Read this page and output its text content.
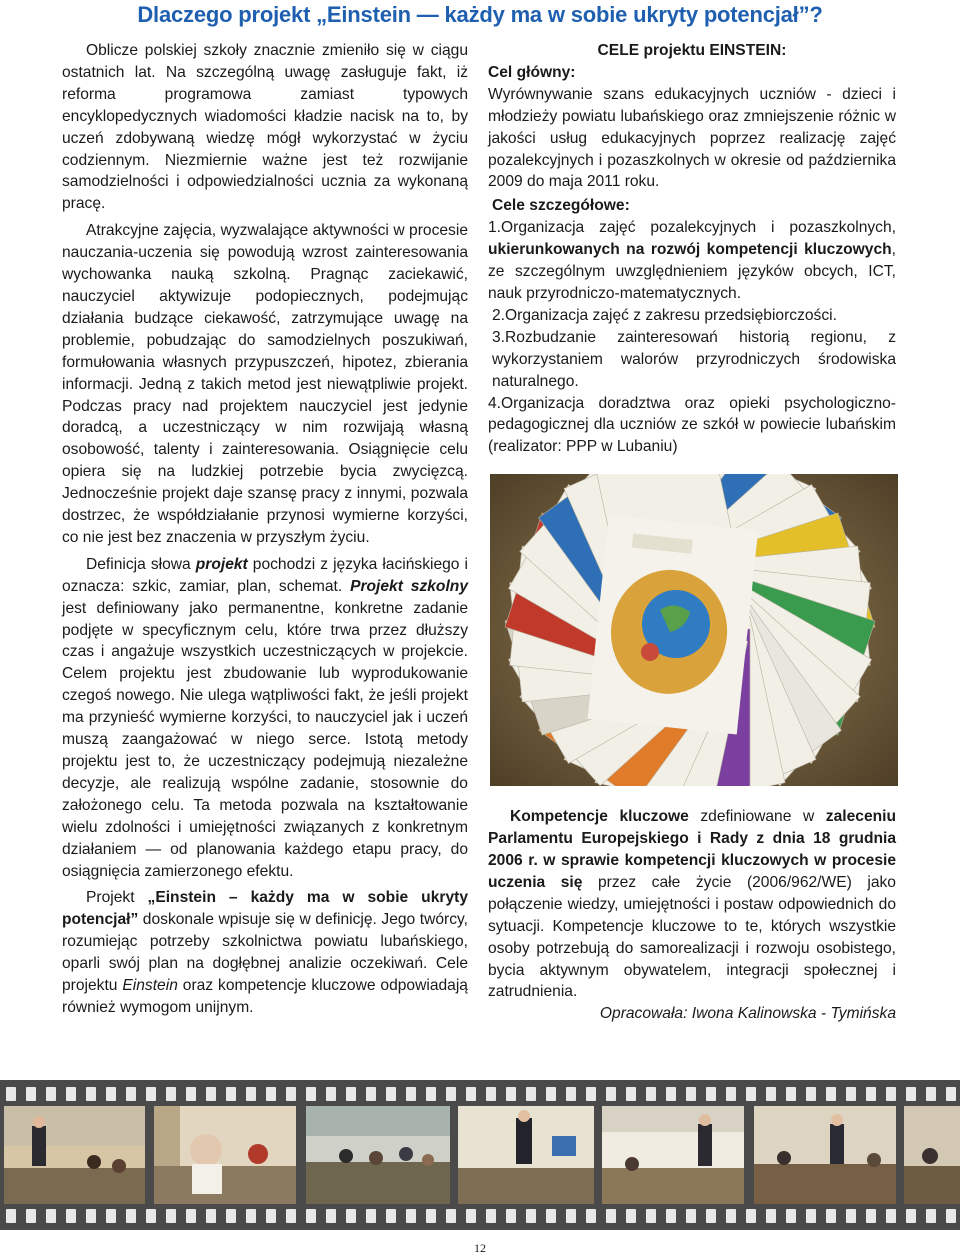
Dlaczego projekt „Einstein — każdy ma w sobie ukryty potencjał”?

Oblicze polskiej szkoły znacznie zmieniło się w ciągu ostatnich lat. Na szczególną uwagę zasługuje fakt, iż reforma programowa zamiast typowych encyklopedycznych wiadomości kładzie nacisk na to, by uczeń zdobywaną wiedzę mógł wykorzystać w życiu codziennym. Niezmiernie ważne jest też rozwijanie samodzielności i odpowiedzialności ucznia za wykonaną pracę.

Atrakcyjne zajęcia, wyzwalające aktywności w procesie nauczania-uczenia się powodują wzrost zainteresowania wychowanka nauką szkolną. Pragnąc zaciekawić, nauczyciel aktywizuje podopiecznych, podejmując działania budzące ciekawość, zatrzymujące uwagę na problemie, pobudzając do samodzielnych poszukiwań, formułowania własnych przypuszczeń, hipotez, zbierania informacji. Jedną z takich metod jest niewątpliwie projekt. Podczas pracy nad projektem nauczyciel jest jedynie doradcą, a uczestniczący w nim rozwijają własną osobowość, talenty i zainteresowania. Osiągnięcie celu opiera się na ludzkiej potrzebie bycia zwycięzcą. Jednocześnie projekt daje szansę pracy z innymi, pozwala dostrzec, że współdziałanie przynosi wymierne korzyści, co nie jest bez znaczenia w przyszłym życiu.

Definicja słowa projekt pochodzi z języka łacińskiego i oznacza: szkic, zamiar, plan, schemat. Projekt szkolny jest definiowany jako permanentne, konkretne zadanie podjęte w specyficznym celu, które trwa przez dłuższy czas i angażuje wszystkich uczestniczących w projekcie. Celem projektu jest zbudowanie lub wyprodukowanie czegoś nowego. Nie ulega wątpliwości fakt, że jeśli projekt ma przynieść wymierne korzyści, to nauczyciel jak i uczeń muszą zaangażować w niego serce. Istotą metody projektu jest to, że uczestniczący podejmują niezależne decyzje, ale realizują wspólne zadanie, stosownie do założonego celu. Ta metoda pozwala na kształtowanie wielu zdolności i umiejętności związanych z konkretnym działaniem — od planowania każdego etapu pracy, do osiągnięcia zamierzonego efektu.

Projekt „Einstein – każdy ma w sobie ukryty potencjał” doskonale wpisuje się w definicję. Jego twórcy, rozumiejąc potrzeby szkolnictwa powiatu lubańskiego, oparli swój plan na dogłębnej analizie oczekiwań. Cele projektu Einstein oraz kompetencje kluczowe odpowiadają również wymogom unijnym.

CELE projektu EINSTEIN:

Cel główny:

Wyrównywanie szans edukacyjnych uczniów - dzieci i młodzieży powiatu lubańskiego oraz zmniejszenie różnic w jakości usług edukacyjnych poprzez realizację zajęć pozalekcyjnych i pozaszkolnych w okresie od października 2009 do maja 2011 roku.

Cele szczegółowe:

1.Organizacja zajęć pozalekcyjnych i pozaszkolnych, ukierunkowanych na rozwój kompetencji kluczowych, ze szczególnym uwzględnieniem języków obcych, ICT, nauk przyrodniczo-matematycznych.

2.Organizacja zajęć z zakresu przedsiębiorczości.

3.Rozbudzanie zainteresowań historią regionu, z wykorzystaniem walorów przyrodniczych środowiska naturalnego.

4.Organizacja doradztwa oraz opieki psychologiczno-pedagogicznej dla uczniów ze szkół w powiecie lubańskim (realizator: PPP w Lubaniu)

Kompetencje kluczowe zdefiniowane w zaleceniu Parlamentu Europejskiego i Rady z dnia 18 grudnia 2006 r. w sprawie kompetencji kluczowych w procesie uczenia się przez całe życie (2006/962/WE) jako połączenie wiedzy, umiejętności i postaw odpowiednich do sytuacji. Kompetencje kluczowe to te, których wszystkie osoby potrzebują do samorealizacji i rozwoju osobistego, bycia aktywnym obywatelem, integracji społecznej i zatrudnienia.

Opracowała: Iwona Kalinowska - Tymińska

12
